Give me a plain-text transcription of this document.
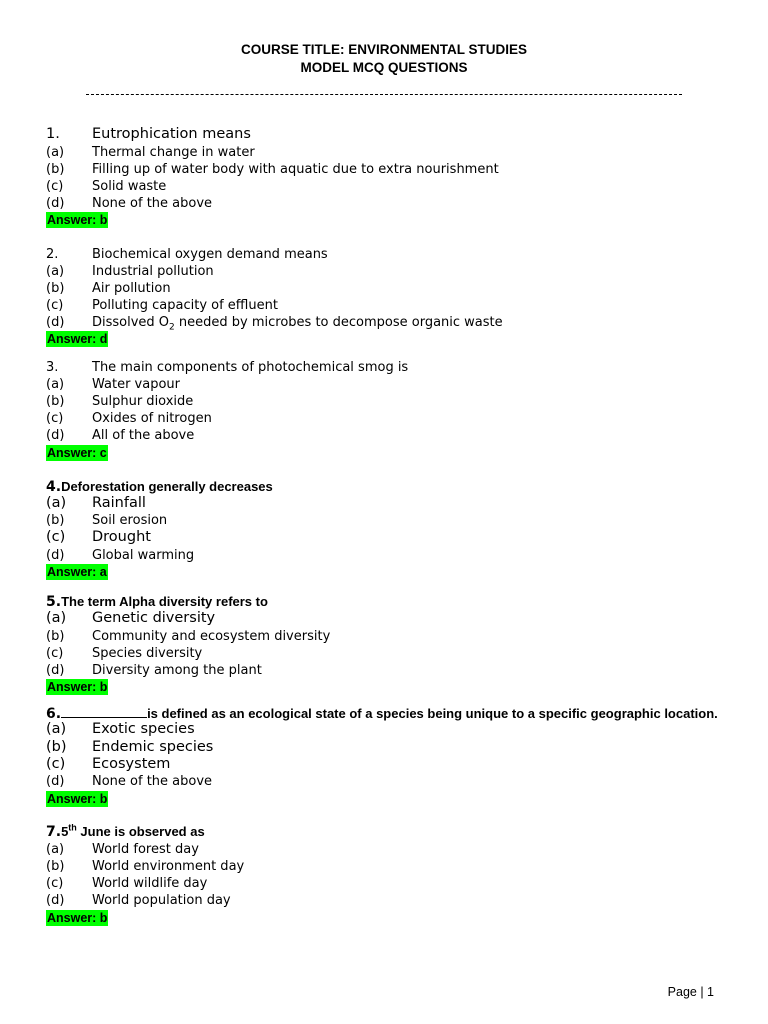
COURSE TITLE: ENVIRONMENTAL STUDIES
MODEL MCQ QUESTIONS
1. Eutrophication means
(a) Thermal change in water
(b) Filling up of water body with aquatic due to extra nourishment
(c) Solid waste
(d) None of the above
Answer: b
2.	Biochemical oxygen demand means
(a) Industrial pollution
(b) Air pollution
(c) Polluting capacity of effluent
(d) Dissolved $O_2$ needed by microbes to decompose organic waste
Answer: d
3.	The main components of photochemical smog is
(a) Water vapour
(b) Sulphur dioxide
(c) Oxides of nitrogen
(d) All of the above
Answer: c
4.Deforestation generally decreases
(a) Rainfall
(b) Soil erosion
(c) Drought
(d) Global warming
Answer: a
5.The term Alpha diversity refers to
(a) Genetic diversity
(b) Community and ecosystem diversity
(c) Species diversity
(d) Diversity among the plant
Answer: b
6.	is defined as an ecological state of a species being unique to a specific geographic location.
(a) Exotic species
(b) Endemic species
(c) Ecosystem
(d) None of the above
Answer: b
7.5th June is observed as
(a) World forest day
(b) World environment day
(c) World wildlife day
(d) World population day
Answer: b
Page | 1
